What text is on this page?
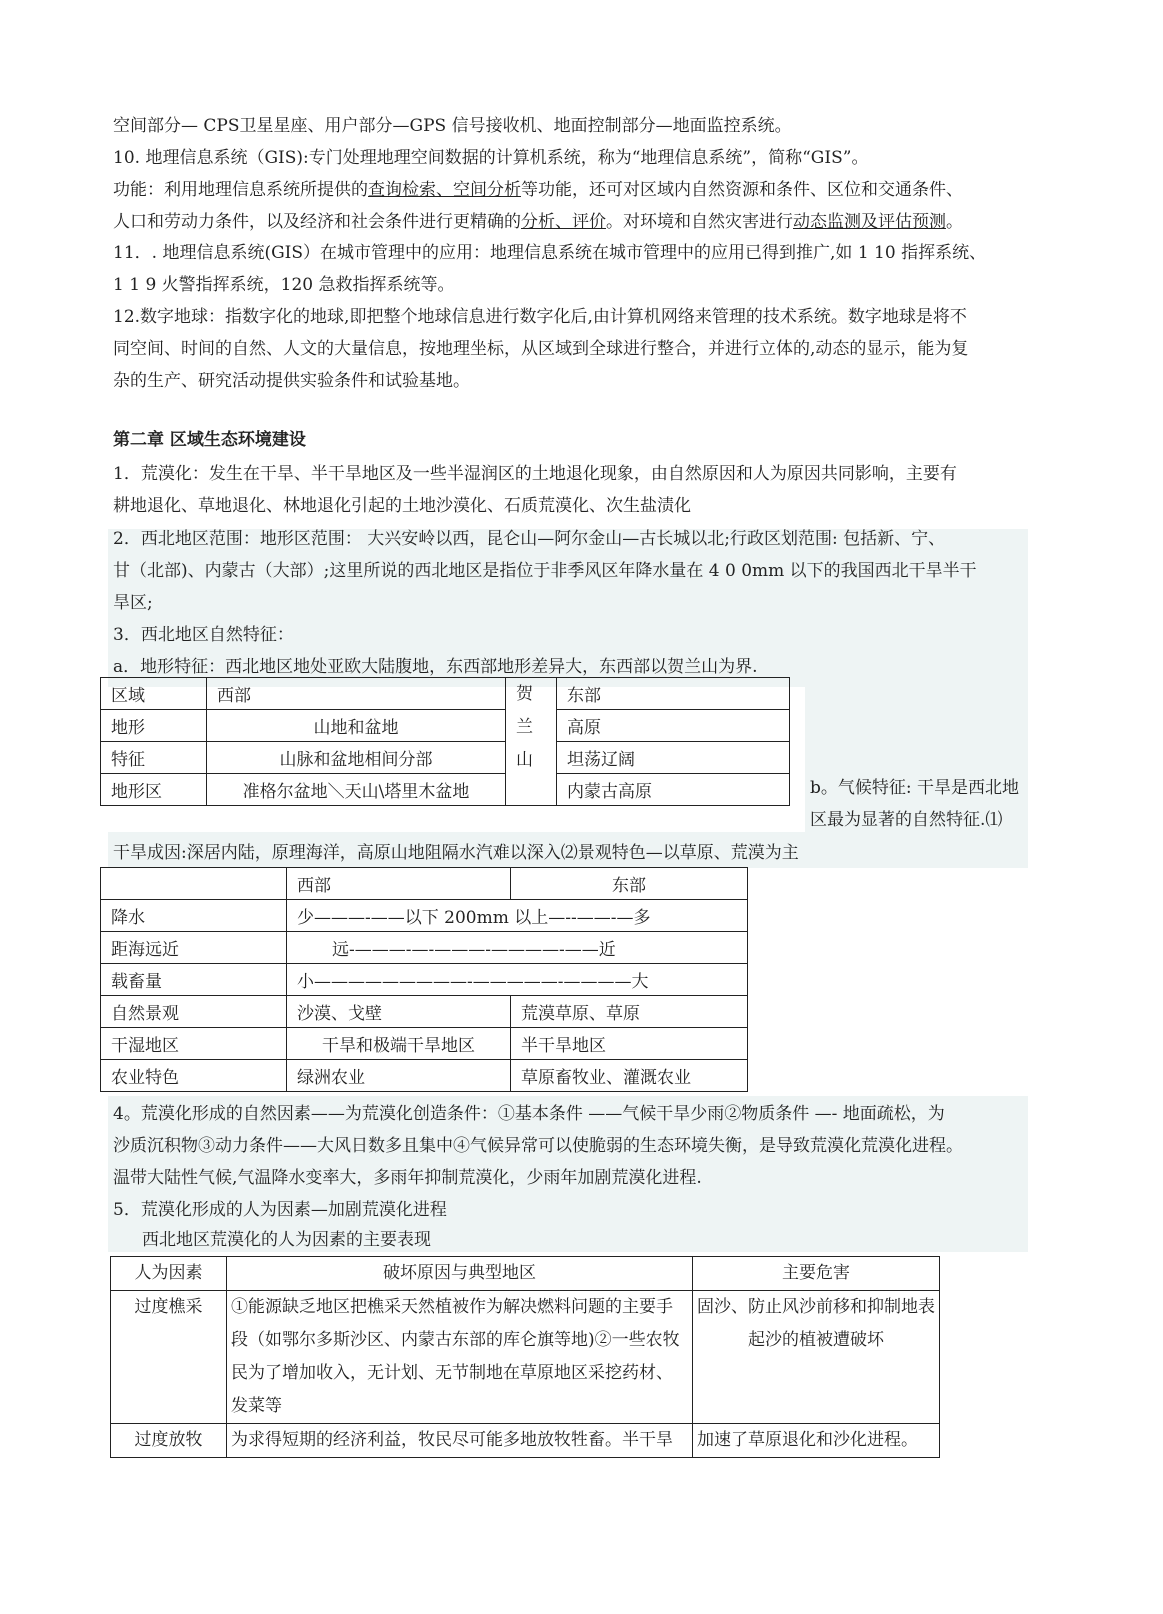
空间部分— CPS卫星星座、用户部分—GPS 信号接收机、地面控制部分—地面监控系统。
10. 地理信息系统（GIS):专门处理地理空间数据的计算机系统，称为“地理信息系统”，简称“GIS”。
功能：利用地理信息系统所提供的查询检索、空间分析等功能，还可对区域内自然资源和条件、区位和交通条件、
人口和劳动力条件，以及经济和社会条件进行更精确的分析、评价。对环境和自然灾害进行动态监测及评估预测。
11．. 地理信息系统(GIS）在城市管理中的应用：地理信息系统在城市管理中的应用已得到推广,如 1 10 指挥系统、
1 1 9 火警指挥系统，120 急救指挥系统等。
12.数字地球：指数字化的地球,即把整个地球信息进行数字化后,由计算机网络来管理的技术系统。数字地球是将不
同空间、时间的自然、人文的大量信息，按地理坐标，从区域到全球进行整合，并进行立体的,动态的显示，能为复
杂的生产、研究活动提供实验条件和试验基地。
第二章 区域生态环境建设
1．荒漠化：发生在干旱、半干旱地区及一些半湿润区的土地退化现象，由自然原因和人为原因共同影响，主要有
耕地退化、草地退化、林地退化引起的土地沙漠化、石质荒漠化、次生盐渍化
2．西北地区范围：地形区范围： 大兴安岭以西，昆仑山—阿尔金山—古长城以北;行政区划范围: 包括新、宁、
甘（北部)、内蒙古（大部）;这里所说的西北地区是指位于非季风区年降水量在 4 0 0mm 以下的我国西北干旱半干
旱区;
3．西北地区自然特征：
a．地形特征：西北地区地处亚欧大陆腹地，东西部地形差异大，东西部以贺兰山为界.
区域	西部	贺兰山	东部
地形	山地和盆地		高原
特征	山脉和盆地相间分部		坦荡辽阔
地形区	准格尔盆地＼天山\塔里木盆地		内蒙古高原	b。气候特征: 干旱是西北地
区最为显著的自然特征.⑴
干旱成因:深居内陆，原理海洋，高原山地阻隔水汽难以深入⑵景观特色—以草原、荒漠为主
	西部	东部
降水	少———-——以下 200mm 以上—--——-—多	
距海远近	远-———-—-———-————-——近	
载畜量	小—————————-—————-————大	
自然景观	沙漠、戈壁	荒漠草原、草原
干湿地区	干旱和极端干旱地区	半干旱地区
农业特色	绿洲农业	草原畜牧业、灌溉农业
4。荒漠化形成的自然因素——为荒漠化创造条件：①基本条件 ——气候干旱少雨②物质条件 —- 地面疏松，为
沙质沉积物③动力条件——大风日数多且集中④气候异常可以使脆弱的生态环境失衡，是导致荒漠化荒漠化进程。
温带大陆性气候,气温降水变率大，多雨年抑制荒漠化，少雨年加剧荒漠化进程.
5．荒漠化形成的人为因素—加剧荒漠化进程
西北地区荒漠化的人为因素的主要表现
人为因素	破坏原因与典型地区	主要危害
过度樵采	①能源缺乏地区把樵采天然植被作为解决燃料问题的主要手段（如鄂尔多斯沙区、内蒙古东部的库仑旗等地)②一些农牧民为了增加收入，无计划、无节制地在草原地区采挖药材、发菜等	固沙、防止风沙前移和抑制地表起沙的植被遭破坏
过度放牧	为求得短期的经济利益，牧民尽可能多地放牧牲畜。半干旱	加速了草原退化和沙化进程。
